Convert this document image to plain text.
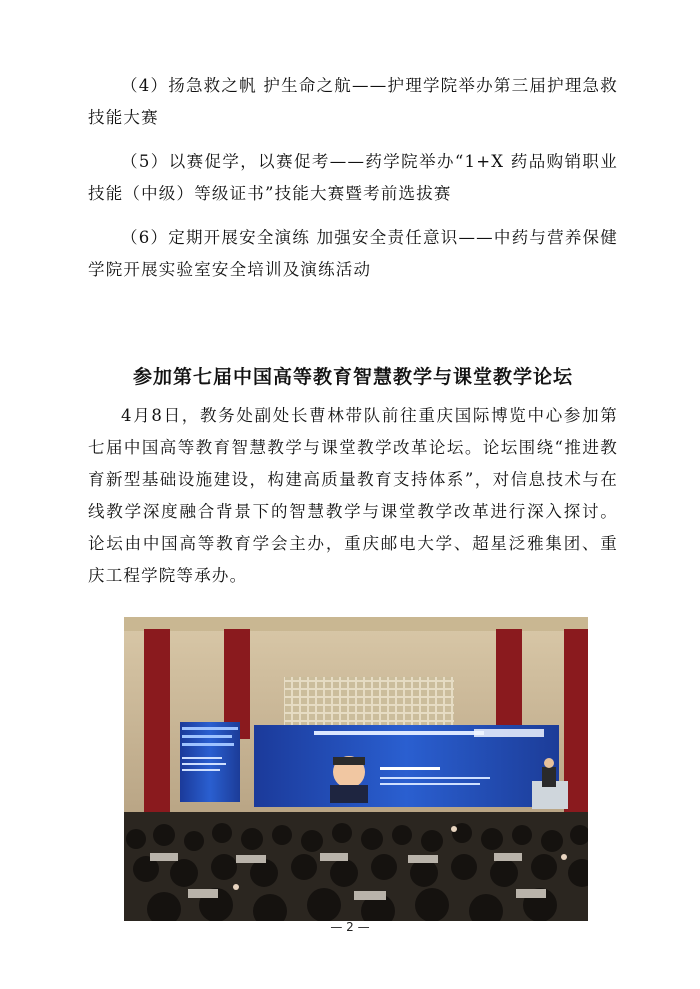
（4）扬急救之帆 护生命之航——护理学院举办第三届护理急救技能大赛

（5）以赛促学，以赛促考——药学院举办“1+X 药品购销职业技能（中级）等级证书”技能大赛暨考前选拔赛

（6）定期开展安全演练 加强安全责任意识——中药与营养保健学院开展实验室安全培训及演练活动

参加第七届中国高等教育智慧教学与课堂教学论坛

4月8日，教务处副处长曹林带队前往重庆国际博览中心参加第七届中国高等教育智慧教学与课堂教学改革论坛。论坛围绕“推进教育新型基础设施建设，构建高质量教育支持体系”，对信息技术与在线教学深度融合背景下的智慧教学与课堂教学改革进行深入探讨。论坛由中国高等教育学会主办，重庆邮电大学、超星泛雅集团、重庆工程学院等承办。

— 2 —
